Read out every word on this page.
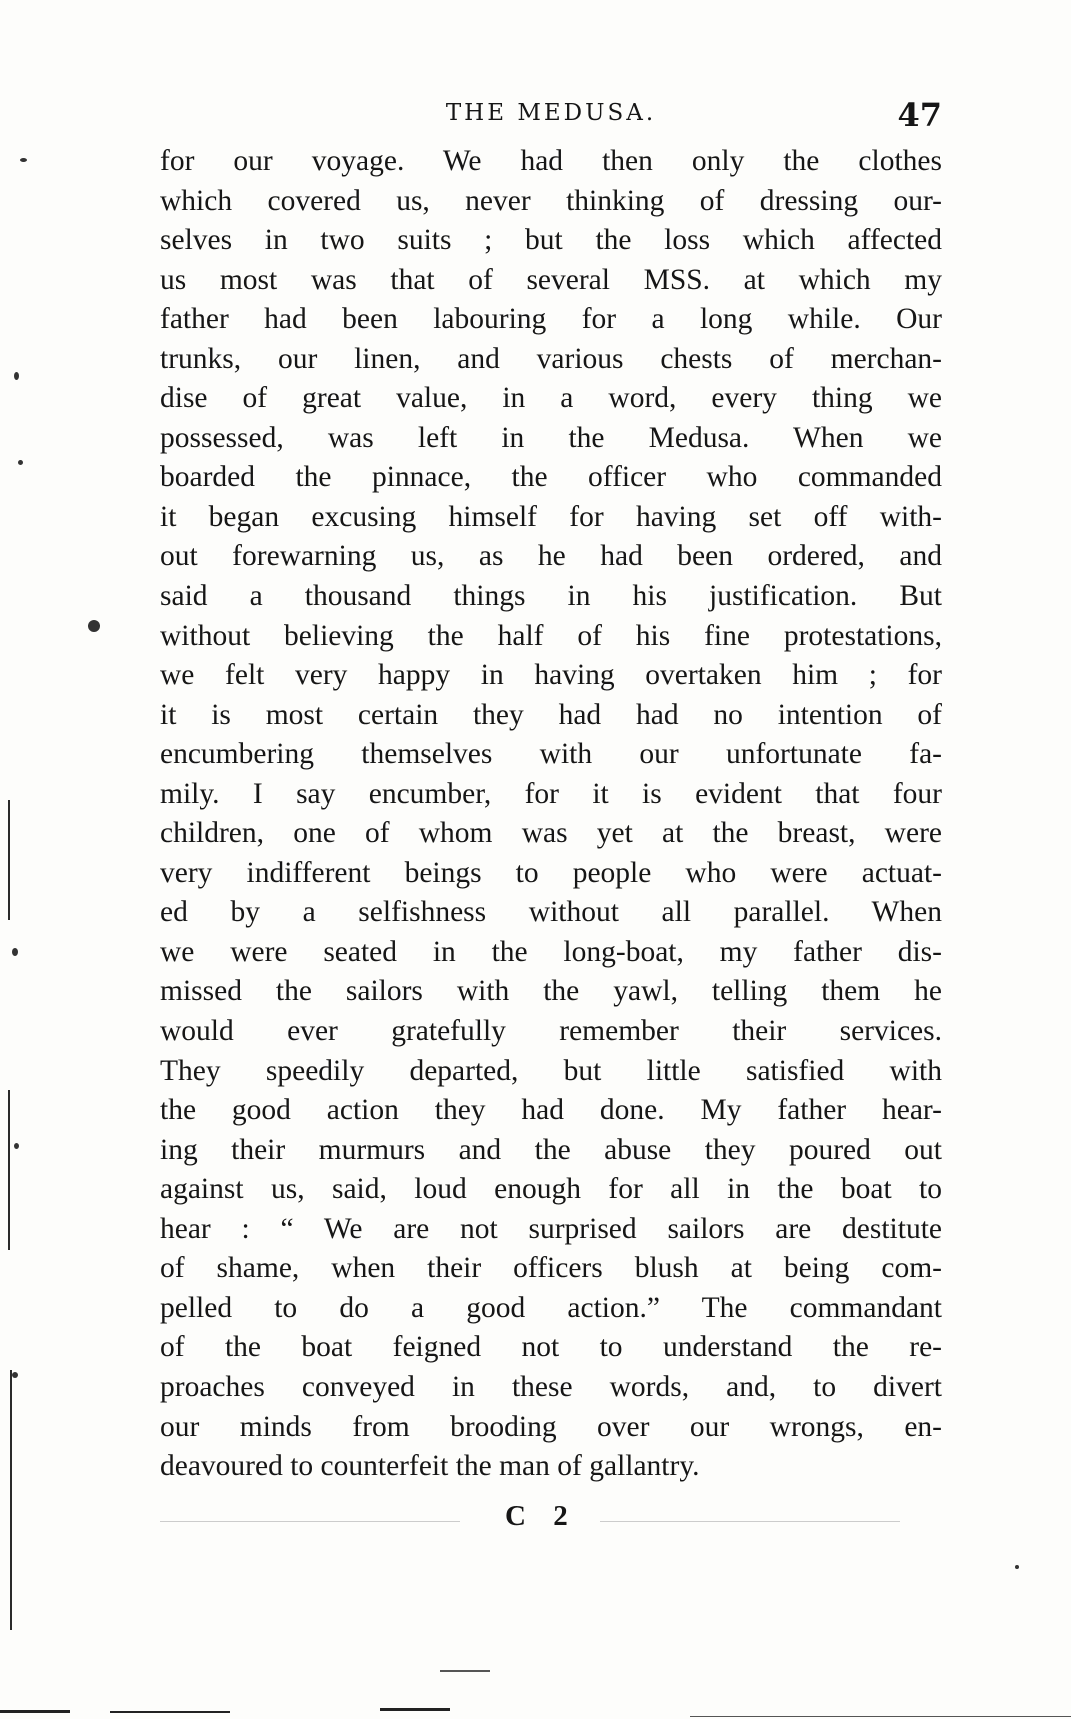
THE MEDUSA.	47
for our voyage. We had then only the clothes
which covered us, never thinking of dressing our-
selves in two suits ; but the loss which affected
us most was that of several MSS. at which my
father had been labouring for a long while. Our
trunks, our linen, and various chests of merchan-
dise of great value, in a word, every thing we
possessed, was left in the Medusa. When we
boarded the pinnace, the officer who commanded
it began excusing himself for having set off with-
out forewarning us, as he had been ordered, and
said a thousand things in his justification. But
without believing the half of his fine protestations,
we felt very happy in having overtaken him ; for
it is most certain they had had no intention of
encumbering themselves with our unfortunate fa-
mily. I say encumber, for it is evident that four
children, one of whom was yet at the breast, were
very indifferent beings to people who were actuat-
ed by a selfishness without all parallel. When
we were seated in the long-boat, my father dis-
missed the sailors with the yawl, telling them he
would ever gratefully remember their services.
They speedily departed, but little satisfied with
the good action they had done. My father hear-
ing their murmurs and the abuse they poured out
against us, said, loud enough for all in the boat to
hear : “ We are not surprised sailors are destitute
of shame, when their officers blush at being com-
pelled to do a good action.” The commandant
of the boat feigned not to understand the re-
proaches conveyed in these words, and, to divert
our minds from brooding over our wrongs, en-
deavoured to counterfeit the man of gallantry.
C 2
